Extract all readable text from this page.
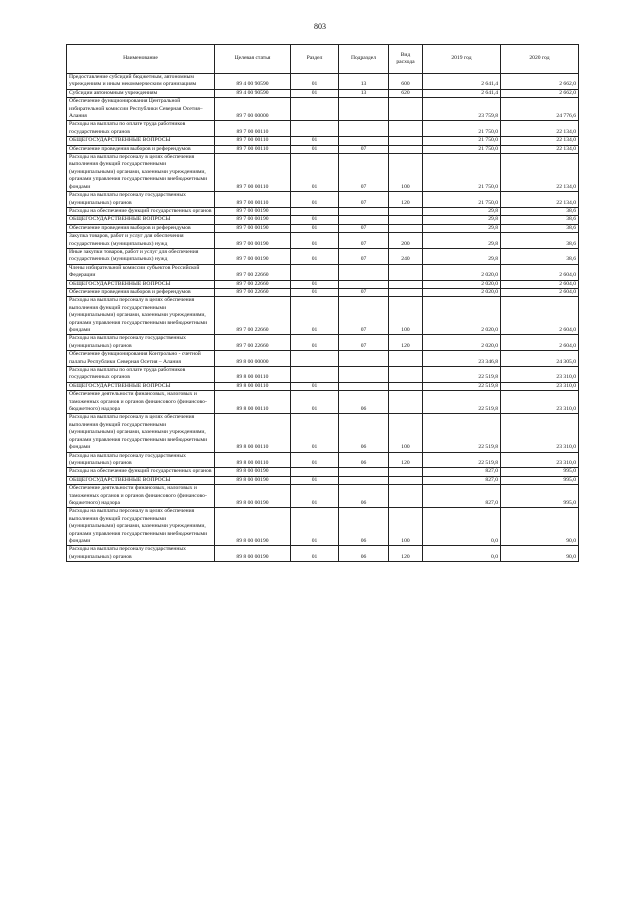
803
Наименование	Целевая статья	Раздел	Подраздел	Вид расхода	2019 год	2020 год
Предоставление субсидий бюджетным, автономным учреждениям и иным некоммерческим организациям	89 4 00 90590	01	13	600	2 641,4	2 662,0
Субсидии автономным учреждениям	89 4 00 90590	01	13	620	2 641,4	2 662,0
Обеспечение функционирования Центральной избирательной комиссии Республики Северная Осетия–Алания	89 7 00 00000				23 759,8	24 776,6
Расходы на выплаты по оплате труда работников государственных органов	89 7 00 00110				21 750,0	22 134,0
ОБЩЕГОСУДАРСТВЕННЫЕ ВОПРОСЫ	89 7 00 00110	01			21 750,0	22 134,0
Обеспечение проведения выборов и референдумов	89 7 00 00110	01	07		21 750,0	22 134,0
Расходы на выплаты персоналу в целях обеспечения выполнения функций государственными (муниципальными) органами, казенными учреждениями, органами управления государственными внебюджетными фондами	89 7 00 00110	01	07	100	21 750,0	22 134,0
Расходы на выплаты персоналу государственных (муниципальных) органов	89 7 00 00110	01	07	120	21 750,0	22 134,0
Расходы на обеспечение функций государственных органов	89 7 00 00190				29,8	38,6
ОБЩЕГОСУДАРСТВЕННЫЕ ВОПРОСЫ	89 7 00 00190	01			29,8	38,6
Обеспечение проведения выборов и референдумов	89 7 00 00190	01	07		29,8	38,6
Закупка товаров, работ и услуг для обеспечения государственных (муниципальных) нужд	89 7 00 00190	01	07	200	29,8	38,6
Иные закупки товаров, работ и услуг для обеспечения государственных (муниципальных) нужд	89 7 00 00190	01	07	240	29,8	38,6
Члены избирательной комиссии субъектов Российской Федерации	89 7 00 22660				2 020,0	2 604,0
ОБЩЕГОСУДАРСТВЕННЫЕ ВОПРОСЫ	89 7 00 22660	01			2 020,0	2 604,0
Обеспечение проведения выборов и референдумов	89 7 00 22660	01	07		2 020,0	2 604,0
Расходы на выплаты персоналу в целях обеспечения выполнения функций государственными (муниципальными) органами, казенными учреждениями, органами управления государственными внебюджетными фондами	89 7 00 22660	01	07	100	2 020,0	2 604,0
Расходы на выплаты персоналу государственных (муниципальных) органов	89 7 00 22660	01	07	120	2 020,0	2 604,0
Обеспечение функционирования Контрольно - счетной палаты Республики Северная Осетия – Алания	89 8 00 00000				23 346,8	24 305,0
Расходы на выплаты по оплате труда работников государственных органов	89 8 00 00110				22 519,8	23 310,0
ОБЩЕГОСУДАРСТВЕННЫЕ ВОПРОСЫ	89 8 00 00110	01			22 519,8	23 310,0
Обеспечение деятельности финансовых, налоговых и таможенных органов и органов финансового (финансово-бюджетного) надзора	89 8 00 00110	01	06		22 519,8	23 310,0
Расходы на выплаты персоналу в целях обеспечения выполнения функций государственными (муниципальными) органами, казенными учреждениями, органами управления государственными внебюджетными фондами	89 8 00 00110	01	06	100	22 519,8	23 310,0
Расходы на выплаты персоналу государственных (муниципальных) органов	89 8 00 00110	01	06	120	22 519,8	23 310,0
Расходы на обеспечение функций государственных органов	89 8 00 00190				827,0	995,0
ОБЩЕГОСУДАРСТВЕННЫЕ ВОПРОСЫ	89 8 00 00190	01			827,0	995,0
Обеспечение деятельности финансовых, налоговых и таможенных органов и органов финансового (финансово-бюджетного) надзора	89 8 00 00190	01	06		827,0	995,0
Расходы на выплаты персоналу в целях обеспечения выполнения функций государственными (муниципальными) органами, казенными учреждениями, органами управления государственными внебюджетными фондами	89 8 00 00190	01	06	100	0,0	90,0
Расходы на выплаты персоналу государственных (муниципальных) органов	89 8 00 00190	01	06	120	0,0	90,0
